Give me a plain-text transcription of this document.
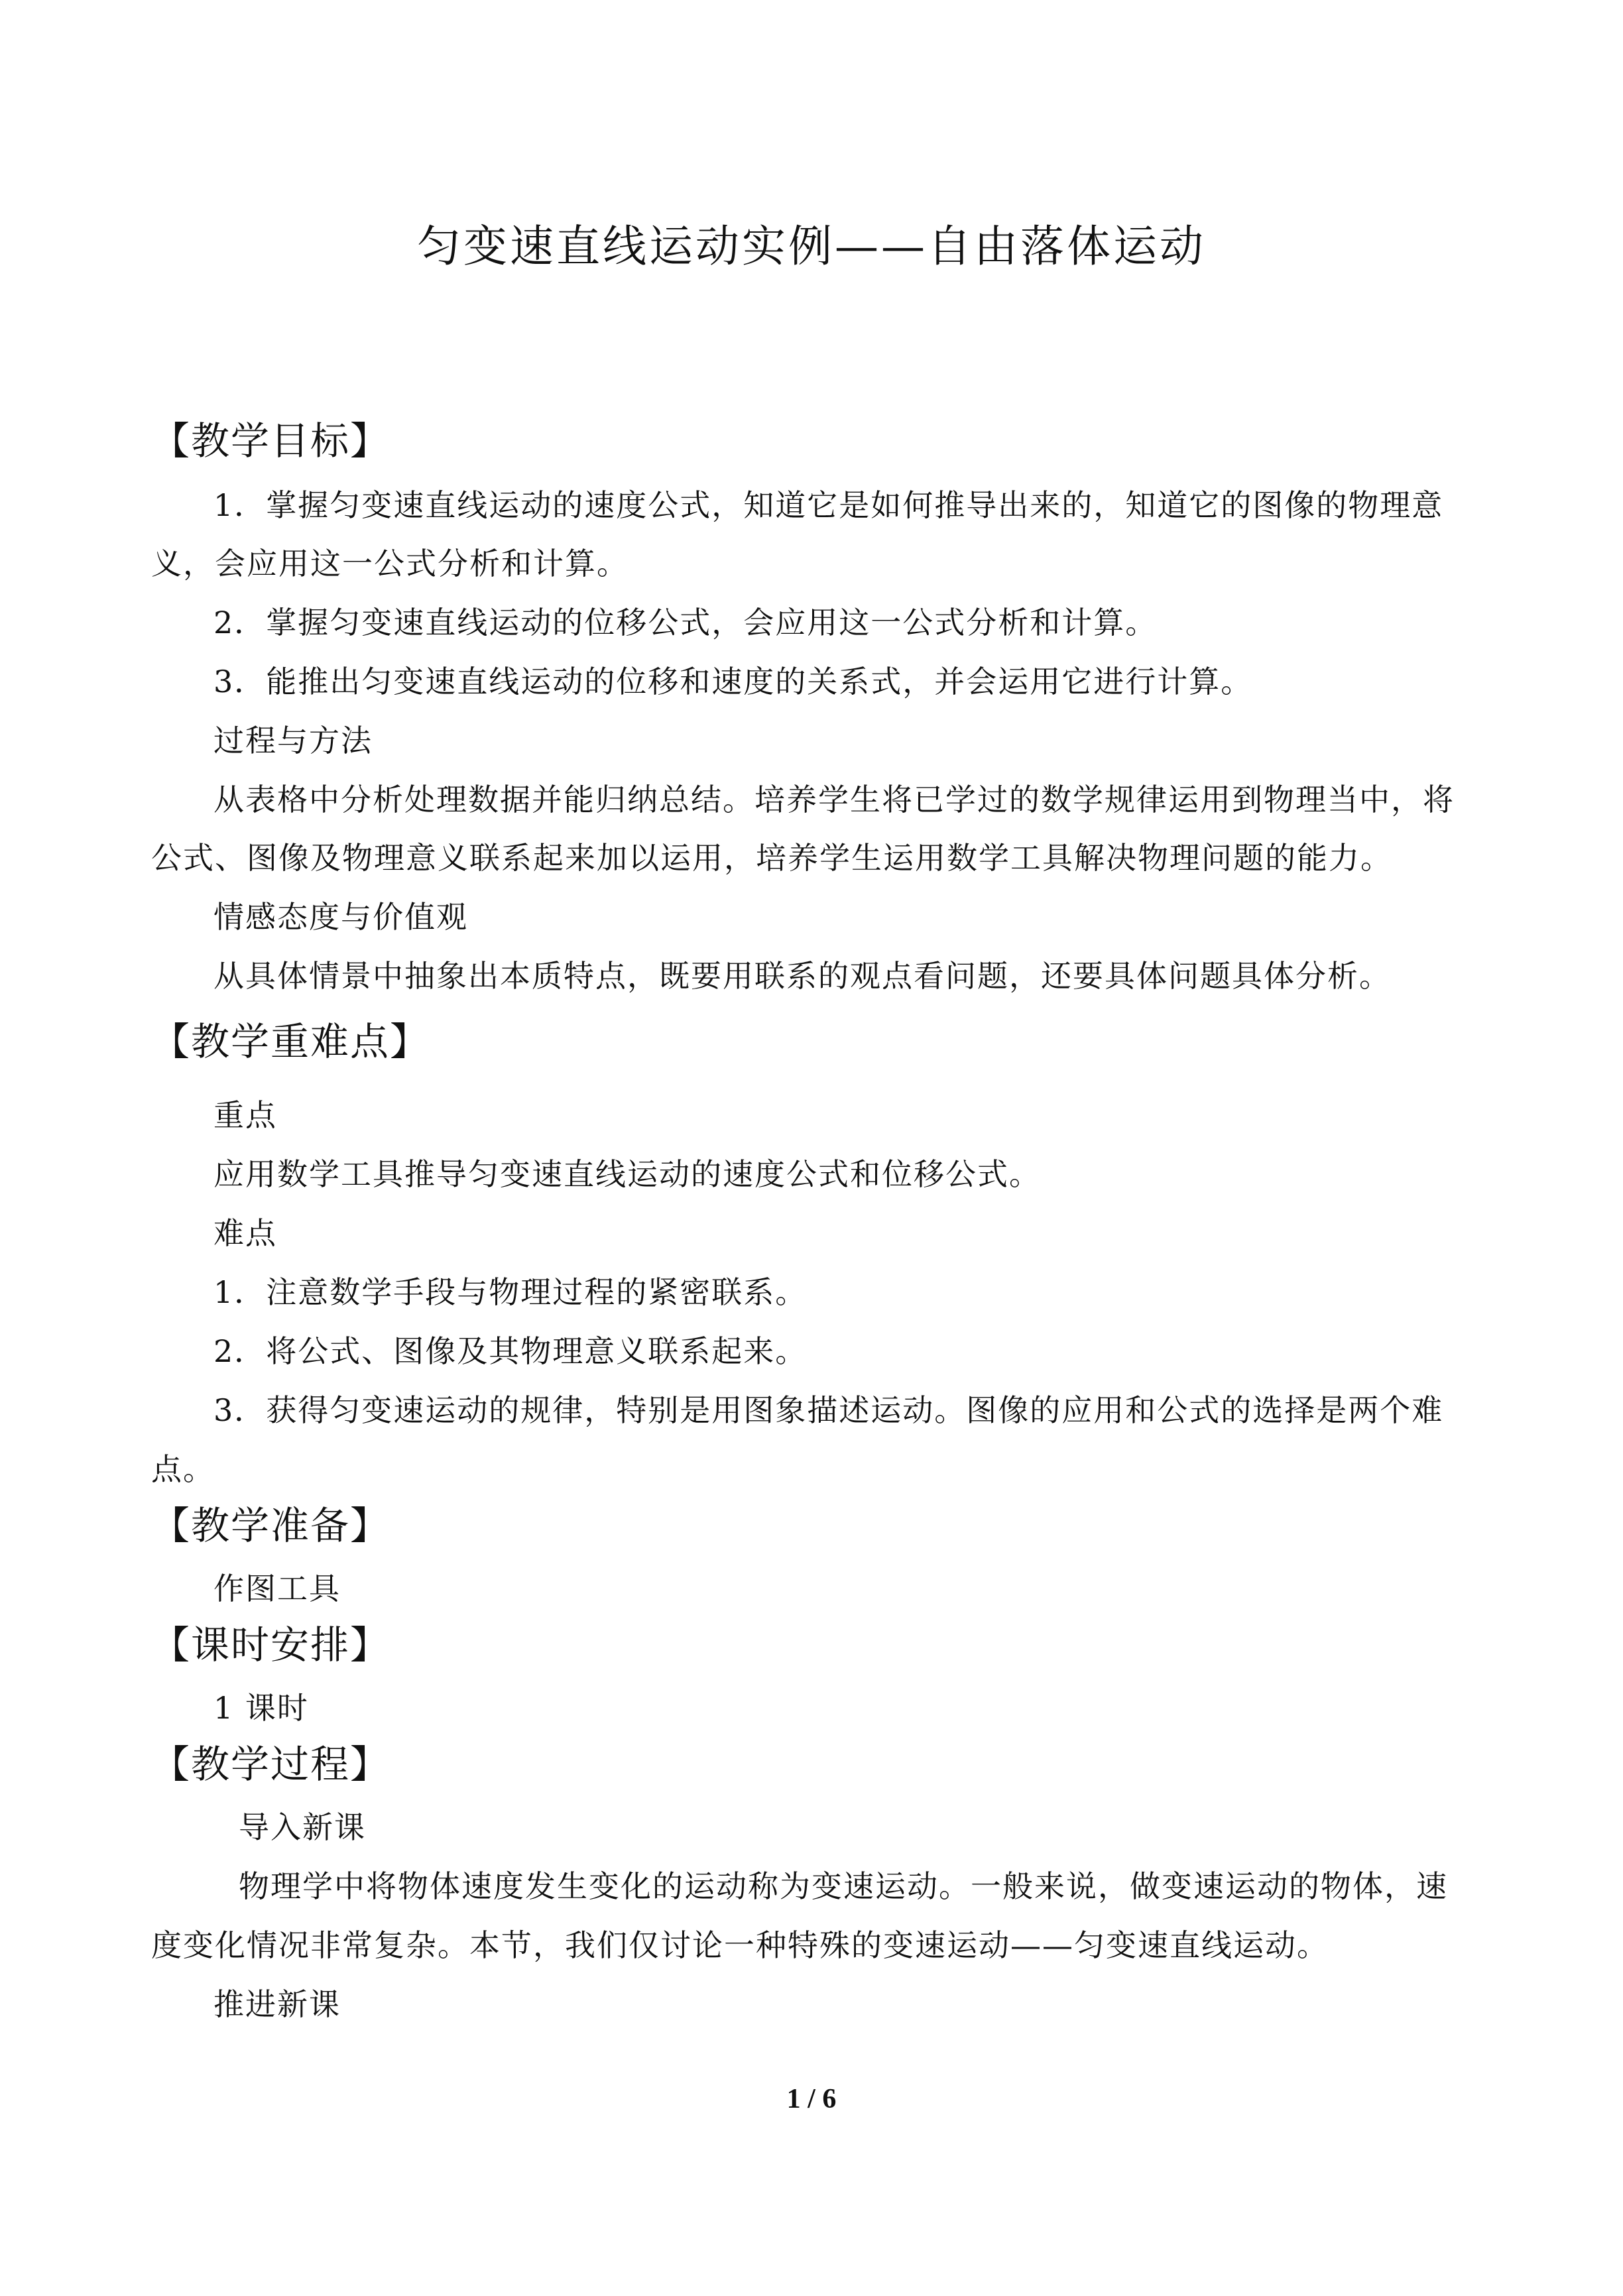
匀变速直线运动实例——自由落体运动
【教学目标】
1．掌握匀变速直线运动的速度公式，知道它是如何推导出来的，知道它的图像的物理意
义，会应用这一公式分析和计算。
2．掌握匀变速直线运动的位移公式，会应用这一公式分析和计算。
3．能推出匀变速直线运动的位移和速度的关系式，并会运用它进行计算。
过程与方法
从表格中分析处理数据并能归纳总结。培养学生将已学过的数学规律运用到物理当中，将
公式、图像及物理意义联系起来加以运用，培养学生运用数学工具解决物理问题的能力。
情感态度与价值观
从具体情景中抽象出本质特点，既要用联系的观点看问题，还要具体问题具体分析。
【教学重难点】
重点
应用数学工具推导匀变速直线运动的速度公式和位移公式。
难点
1．注意数学手段与物理过程的紧密联系。
2．将公式、图像及其物理意义联系起来。
3．获得匀变速运动的规律，特别是用图象描述运动。图像的应用和公式的选择是两个难
点。
【教学准备】
作图工具
【课时安排】
1 课时
【教学过程】
导入新课
物理学中将物体速度发生变化的运动称为变速运动。一般来说，做变速运动的物体，速
度变化情况非常复杂。本节，我们仅讨论一种特殊的变速运动——匀变速直线运动。
推进新课
1 / 6
